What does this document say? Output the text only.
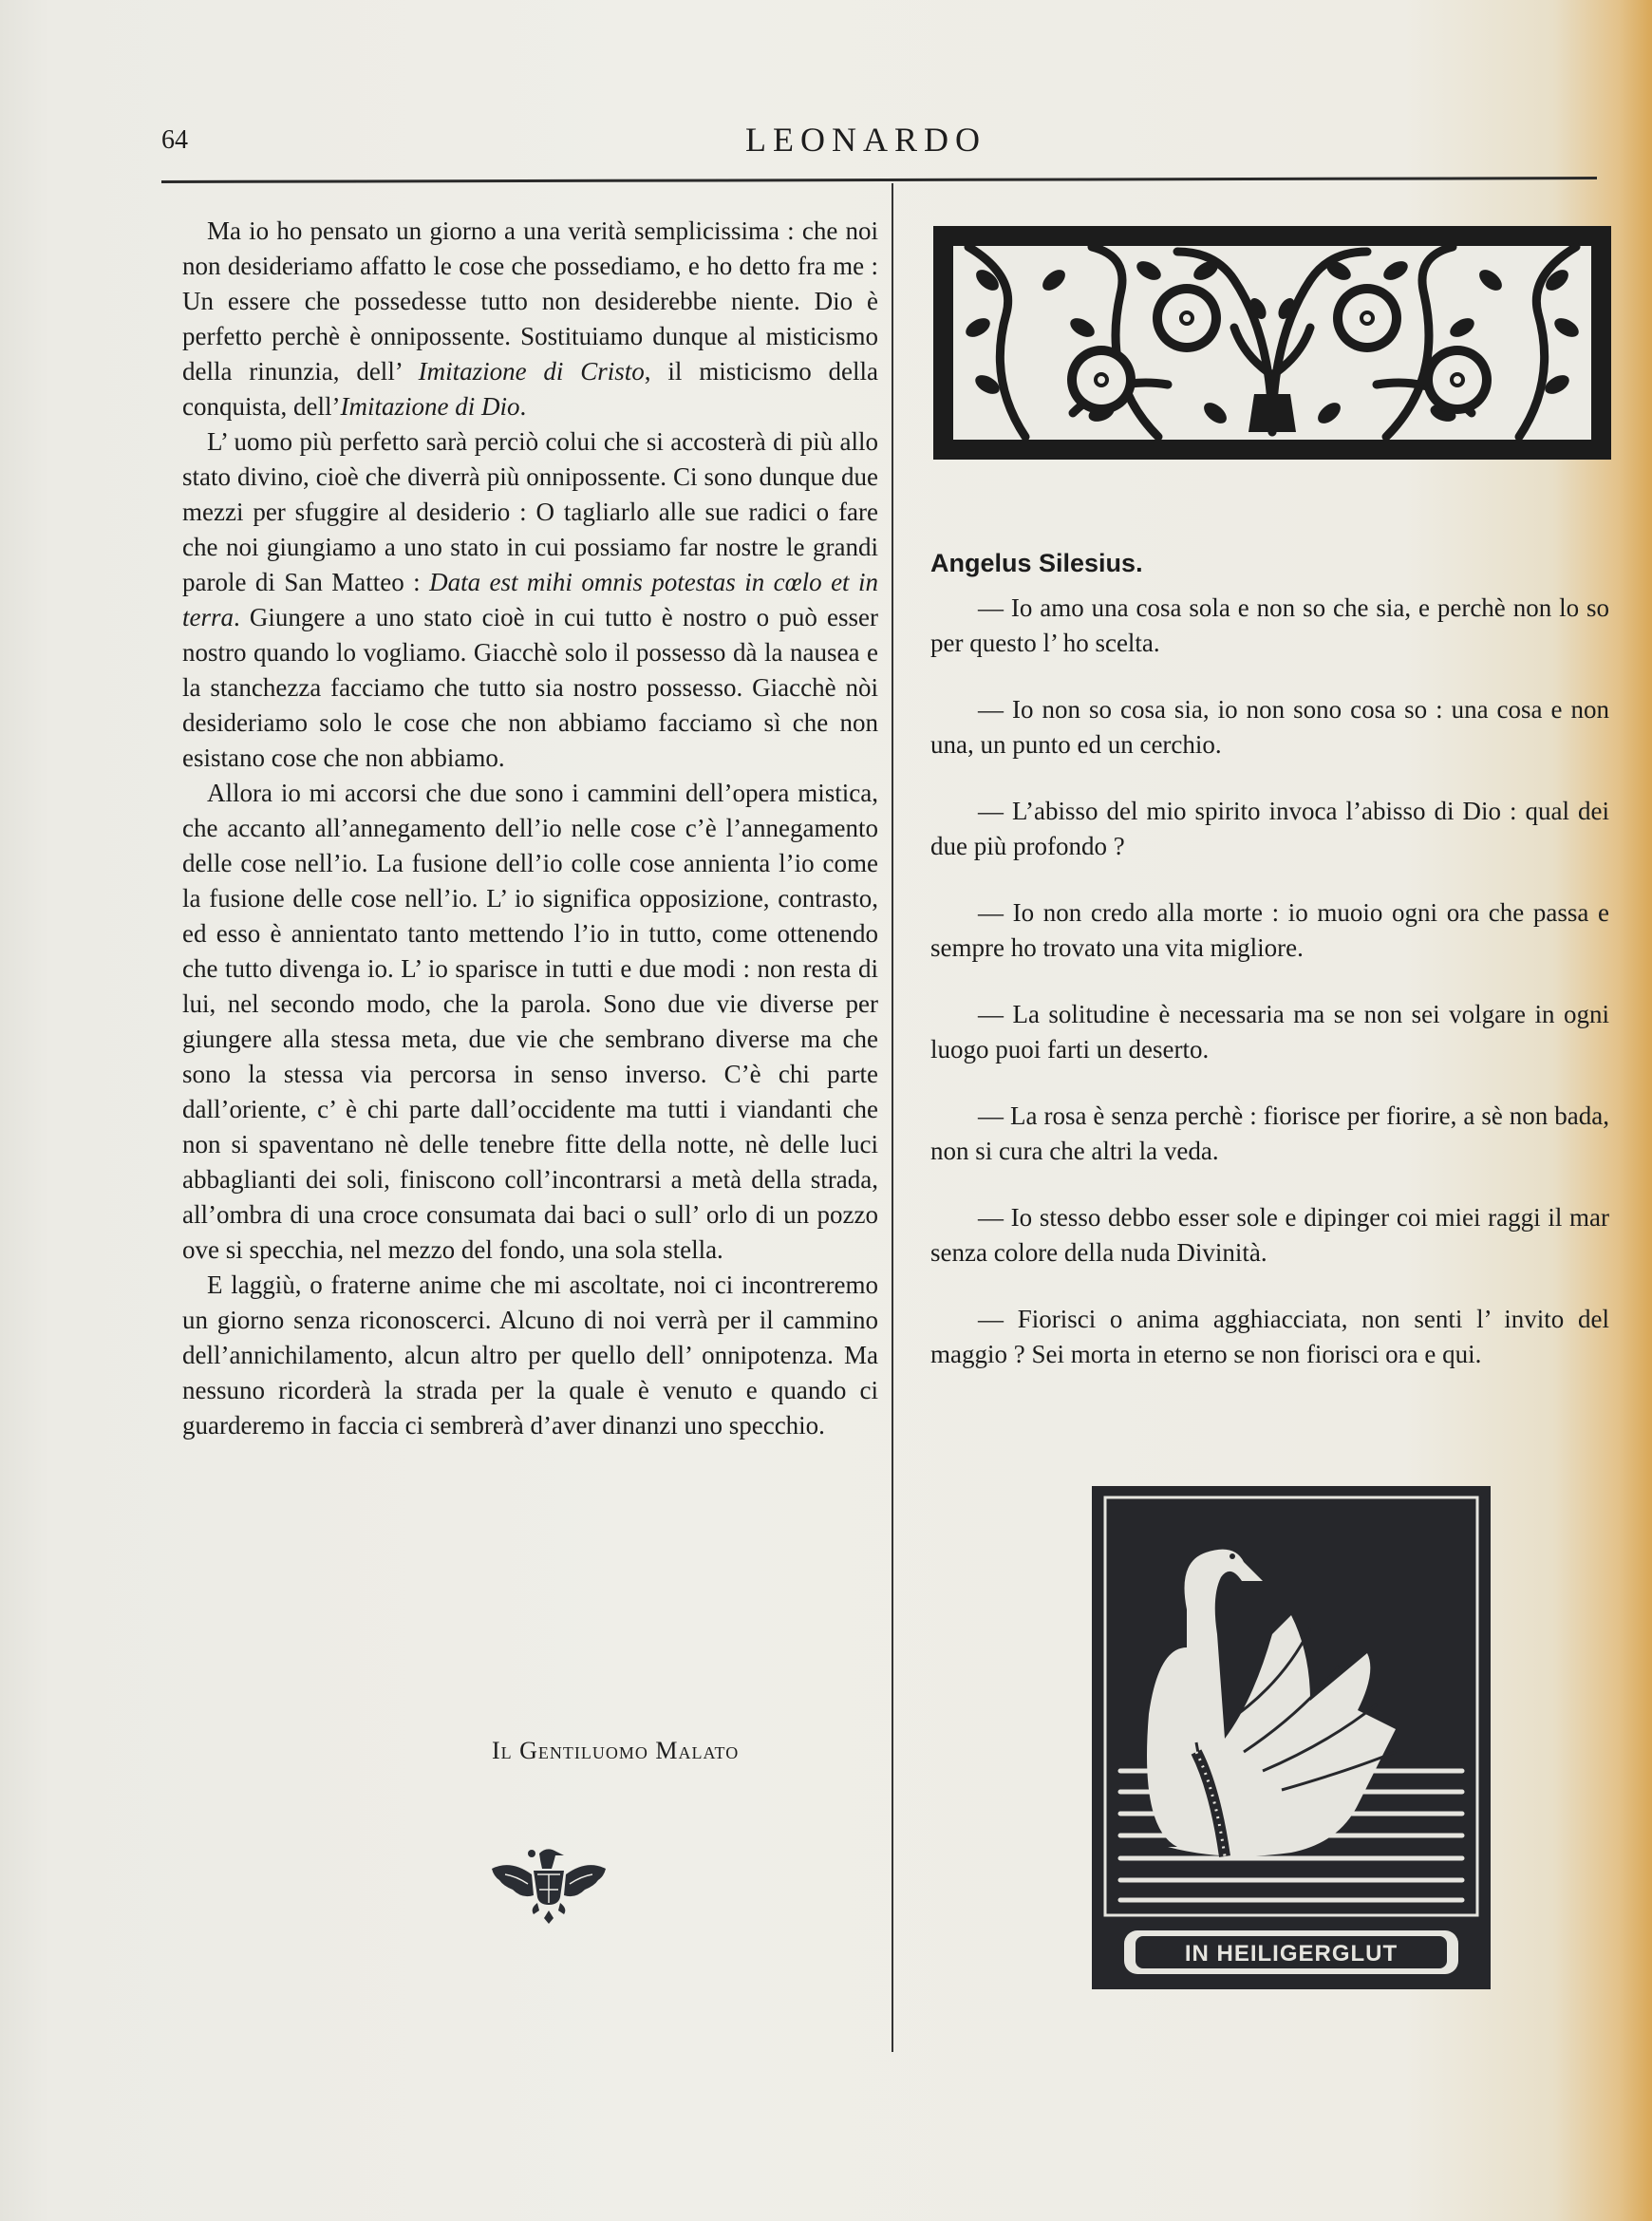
64	LEONARDO

Ma io ho pensato un giorno a una verità semplicissima : che noi non desideriamo affatto le cose che possediamo, e ho detto fra me : Un essere che possedesse tutto non desiderebbe niente. Dio è perfetto perchè è onnipossente. Sostituiamo dunque al misticismo della rinunzia, dell’ Imitazione di Cristo, il misticismo della conquista, dell’Imitazione di Dio.

L’ uomo più perfetto sarà perciò colui che si accosterà di più allo stato divino, cioè che diverrà più onnipossente. Ci sono dunque due mezzi per sfuggire al desiderio : O tagliarlo alle sue radici o fare che noi giungiamo a uno stato in cui possiamo far nostre le grandi parole di San Matteo : Data est mihi omnis potestas in cœlo et in terra. Giungere a uno stato cioè in cui tutto è nostro o può esser nostro quando lo vogliamo. Giacchè solo il possesso dà la nausea e la stanchezza facciamo che tutto sia nostro possesso. Giacchè nòi desideriamo solo le cose che non abbiamo facciamo sì che non esistano cose che non abbiamo.

Allora io mi accorsi che due sono i cammini dell’opera mistica, che accanto all’annegamento dell’io nelle cose c’è l’annegamento delle cose nell’io. La fusione dell’io colle cose annienta l’io come la fusione delle cose nell’io. L’ io significa opposizione, contrasto, ed esso è annientato tanto mettendo l’io in tutto, come ottenendo che tutto divenga io. L’ io sparisce in tutti e due modi : non resta di lui, nel secondo modo, che la parola. Sono due vie diverse per giungere alla stessa meta, due vie che sembrano diverse ma che sono la stessa via percorsa in senso inverso. C’è chi parte dall’oriente, c’ è chi parte dall’occidente ma tutti i viandanti che non si spaventano nè delle tenebre fitte della notte, nè delle luci abbaglianti dei soli, finiscono coll’incontrarsi a metà della strada, all’ombra di una croce consumata dai baci o sull’ orlo di un pozzo ove si specchia, nel mezzo del fondo, una sola stella.

E laggiù, o fraterne anime che mi ascoltate, noi ci incontreremo un giorno senza riconoscerci. Alcuno di noi verrà per il cammino dell’annichilamento, alcun altro per quello dell’ onnipotenza. Ma nessuno ricorderà la strada per la quale è venuto e quando ci guarderemo in faccia ci sembrerà d’aver dinanzi uno specchio.

Il Gentiluomo Malato
Angelus Silesius.

— Io amo una cosa sola e non so che sia, e perchè non lo so per questo l’ ho scelta.

— Io non so cosa sia, io non sono cosa so : una cosa e non una, un punto ed un cerchio.

— L’abisso del mio spirito invoca l’abisso di Dio : qual dei due più profondo ?

— Io non credo alla morte : io muoio ogni ora che passa e sempre ho trovato una vita migliore.

— La solitudine è necessaria ma se non sei volgare in ogni luogo puoi farti un deserto.

— La rosa è senza perchè : fiorisce per fiorire, a sè non bada, non si cura che altri la veda.

— Io stesso debbo esser sole e dipinger coi miei raggi il mar senza colore della nuda Divinità.

— Fiorisci o anima agghiacciata, non senti l’ invito del maggio ? Sei morta in eterno se non fiorisci ora e qui.

IN HEILIGERGLUT
